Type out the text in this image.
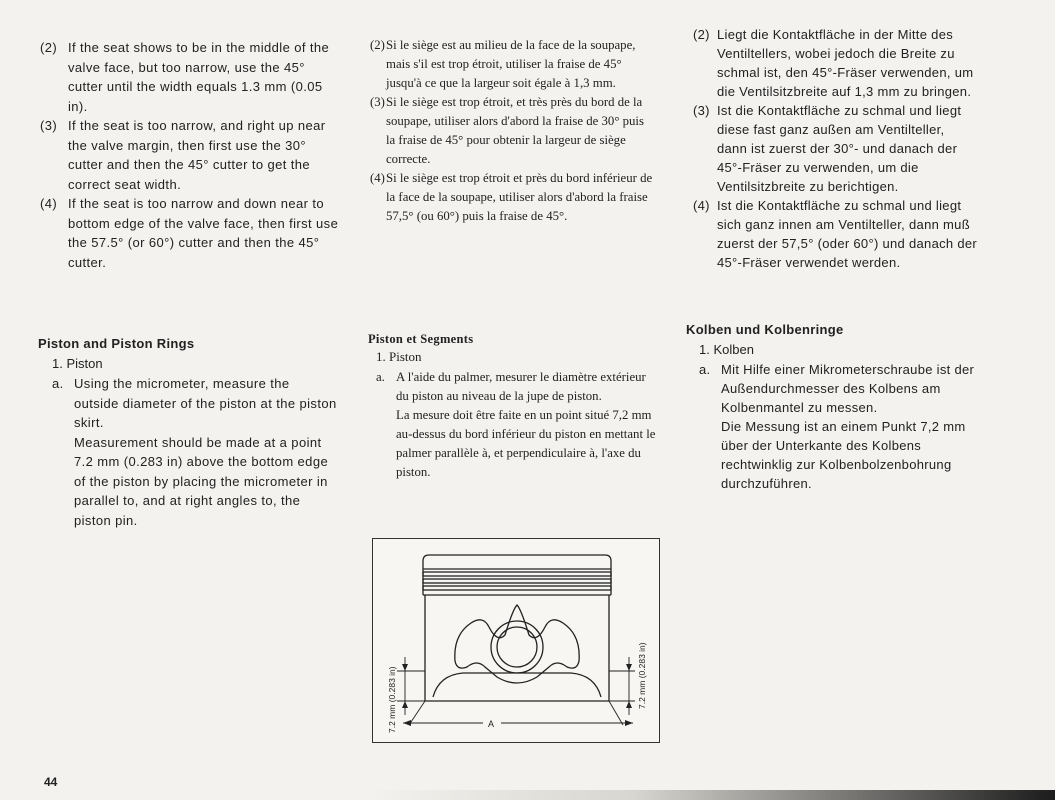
(2) If the seat shows to be in the middle of the valve face, but too narrow, use the 45° cutter until the width equals 1.3 mm (0.05 in).

(3) If the seat is too narrow, and right up near the valve margin, then first use the 30° cutter and then the 45° cutter to get the correct seat width.

(4) If the seat is too narrow and down near to bottom edge of the valve face, then first use the 57.5° (or 60°) cutter and then the 45° cutter.

Piston and Piston Rings
1. Piston

a. Using the micrometer, measure the outside diameter of the piston at the piston skirt.

Measurement should be made at a point 7.2 mm (0.283 in) above the bottom edge of the piston by placing the micrometer in parallel to, and at right angles to, the piston pin.

(2) Si le siège est au milieu de la face de la soupape, mais s'il est trop étroit, utiliser la fraise de 45° jusqu'à ce que la largeur soit égale à 1,3 mm.

(3) Si le siège est trop étroit, et très près du bord de la soupape, utiliser alors d'abord la fraise de 30° puis la fraise de 45° pour obtenir la largeur de siège correcte.

(4) Si le siège est trop étroit et près du bord inférieur de la face de la soupape, utiliser alors d'abord la fraise 57,5° (ou 60°) puis la fraise de 45°.

Piston et Segments
1. Piston

a. A l'aide du palmer, mesurer le diamètre extérieur du piston au niveau de la jupe de piston.

La mesure doit être faite en un point situé 7,2 mm au-dessus du bord inférieur du piston en mettant le palmer parallèle à, et perpendiculaire à, l'axe du piston.

(2) Liegt die Kontaktfläche in der Mitte des Ventiltellers, wobei jedoch die Breite zu schmal ist, den 45°-Fräser verwenden, um die Ventilsitzbreite auf 1,3 mm zu bringen.

(3) Ist die Kontaktfläche zu schmal und liegt diese fast ganz außen am Ventilteller, dann ist zuerst der 30°- und danach der 45°-Fräser zu verwenden, um die Ventilsitzbreite zu berichtigen.

(4) Ist die Kontaktfläche zu schmal und liegt sich ganz innen am Ventilteller, dann muß zuerst der 57,5° (oder 60°) und danach der 45°-Fräser verwendet werden.

Kolben und Kolbenringe
1. Kolben

a. Mit Hilfe einer Mikrometerschraube ist der Außendurchmesser des Kolbens am Kolbenmantel zu messen.

Die Messung ist an einem Punkt 7,2 mm über der Unterkante des Kolbens rechtwinklig zur Kolbenbolzenbohrung durchzuführen.

7.2 mm (0.283 in)	7.2 mm (0.283 in)
A
44
